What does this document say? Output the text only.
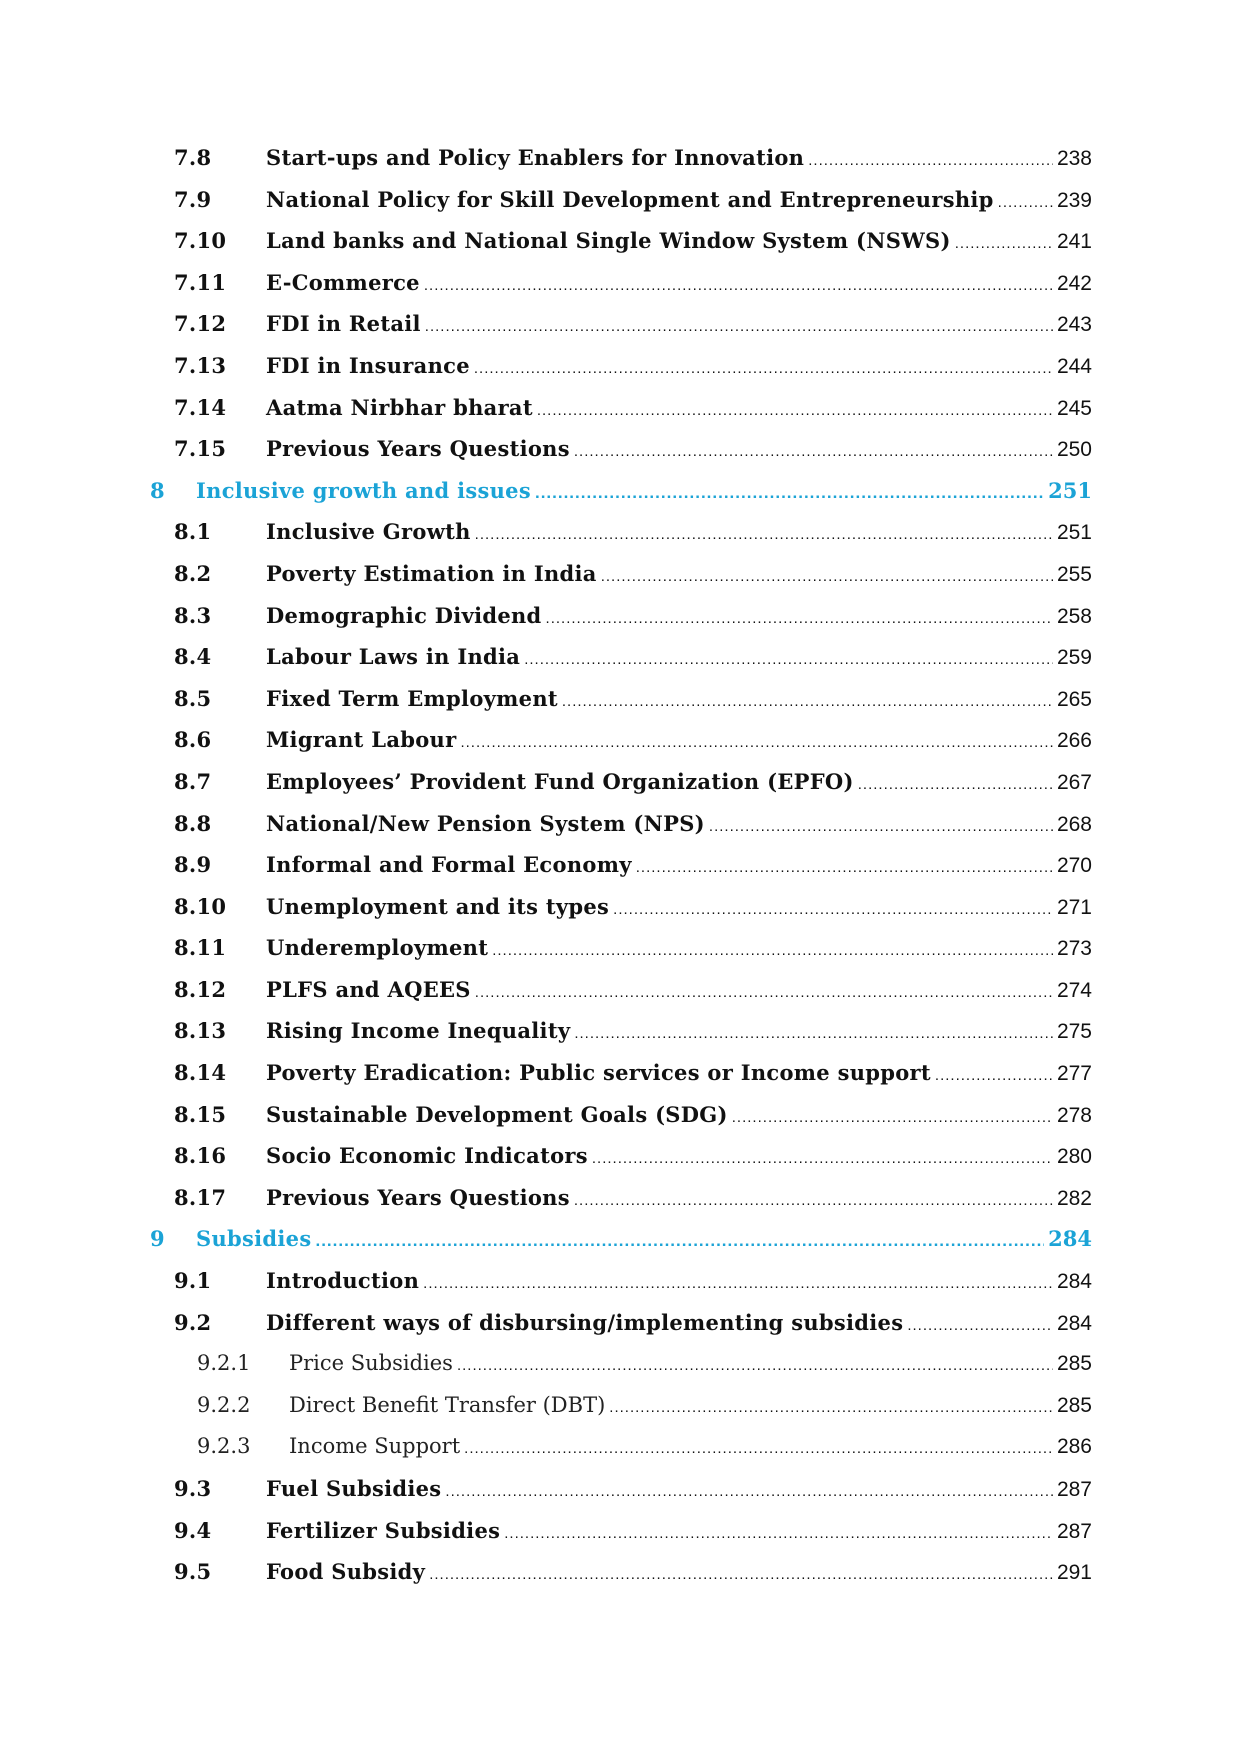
7.8	Start-ups and Policy Enablers for Innovation .....	238
7.9	National Policy for Skill Development and Entrepreneurship .....	239
7.10	Land banks and National Single Window System (NSWS) .....	241
7.11	E-Commerce .....	242
7.12	FDI in Retail .....	243
7.13	FDI in Insurance .....	244
7.14	Aatma Nirbhar bharat .....	245
7.15	Previous Years Questions .....	250
8	Inclusive growth and issues .....	251
8.1	Inclusive Growth .....	251
8.2	Poverty Estimation in India .....	255
8.3	Demographic Dividend .....	258
8.4	Labour Laws in India .....	259
8.5	Fixed Term Employment .....	265
8.6	Migrant Labour .....	266
8.7	Employees’ Provident Fund Organization (EPFO) .....	267
8.8	National/New Pension System (NPS) .....	268
8.9	Informal and Formal Economy .....	270
8.10	Unemployment and its types .....	271
8.11	Underemployment .....	273
8.12	PLFS and AQEES .....	274
8.13	Rising Income Inequality .....	275
8.14	Poverty Eradication: Public services or Income support .....	277
8.15	Sustainable Development Goals (SDG) .....	278
8.16	Socio Economic Indicators .....	280
8.17	Previous Years Questions .....	282
9	Subsidies .....	284
9.1	Introduction .....	284
9.2	Different ways of disbursing/implementing subsidies .....	284
9.2.1	Price Subsidies .....	285
9.2.2	Direct Benefit Transfer (DBT) .....	285
9.2.3	Income Support .....	286
9.3	Fuel Subsidies .....	287
9.4	Fertilizer Subsidies .....	287
9.5	Food Subsidy .....	291
